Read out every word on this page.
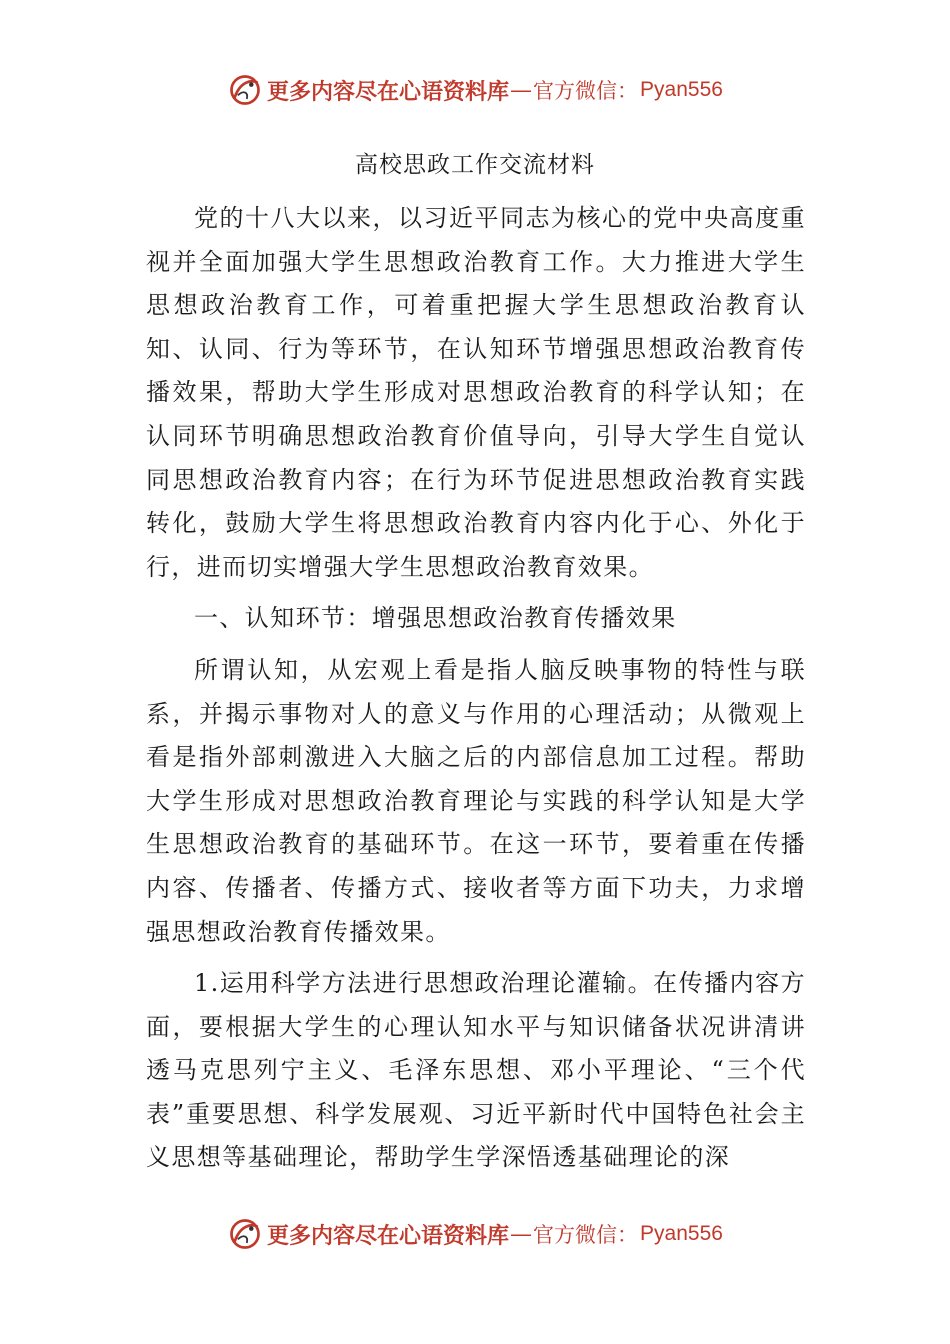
更多内容尽在心语资料库 — 官方微信： Pyan556
高校思政工作交流材料

党的十八大以来，以习近平同志为核心的党中央高度重视并全面加强大学生思想政治教育工作。大力推进大学生思想政治教育工作，可着重把握大学生思想政治教育认知、认同、行为等环节，在认知环节增强思想政治教育传播效果，帮助大学生形成对思想政治教育的科学认知；在认同环节明确思想政治教育价值导向，引导大学生自觉认同思想政治教育内容；在行为环节促进思想政治教育实践转化，鼓励大学生将思想政治教育内容内化于心、外化于行，进而切实增强大学生思想政治教育效果。

一、认知环节：增强思想政治教育传播效果

所谓认知，从宏观上看是指人脑反映事物的特性与联系，并揭示事物对人的意义与作用的心理活动；从微观上看是指外部刺激进入大脑之后的内部信息加工过程。帮助大学生形成对思想政治教育理论与实践的科学认知是大学生思想政治教育的基础环节。在这一环节，要着重在传播内容、传播者、传播方式、接收者等方面下功夫，力求增强思想政治教育传播效果。

1.运用科学方法进行思想政治理论灌输。在传播内容方面，要根据大学生的心理认知水平与知识储备状况讲清讲透马克思列宁主义、毛泽东思想、邓小平理论、“三个代表”重要思想、科学发展观、习近平新时代中国特色社会主义思想等基础理论，帮助学生学深悟透基础理论的深

更多内容尽在心语资料库 — 官方微信： Pyan556
